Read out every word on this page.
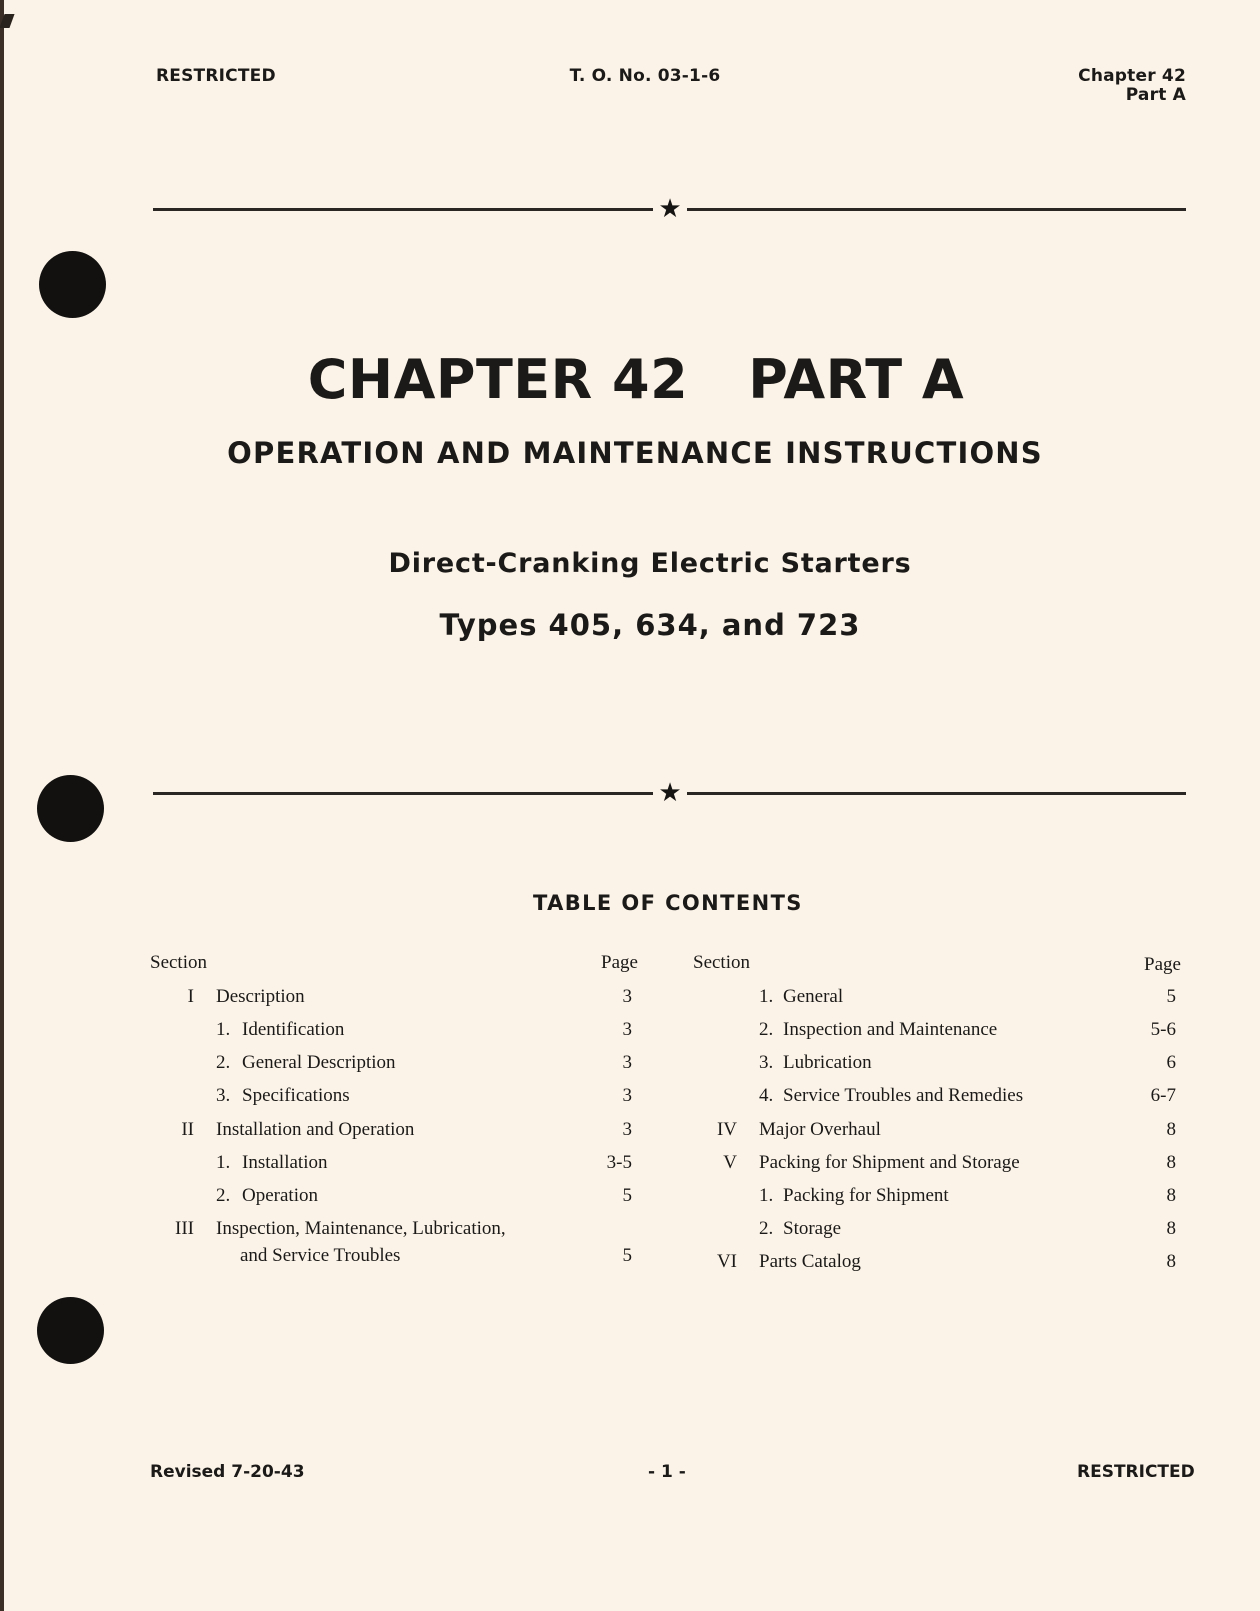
RESTRICTED	T. O. No. 03-1-6	Chapter 42
Part A
★
CHAPTER 42 PART A
OPERATION AND MAINTENANCE INSTRUCTIONS
Direct-Cranking Electric Starters
Types 405, 634, and 723
★
TABLE OF CONTENTS
Section	Page
I Description	3
1. Identification	3
2. General Description	3
3. Specifications	3
II Installation and Operation	3
1. Installation	3-5
2. Operation	5
III Inspection, Maintenance, Lubrication,
and Service Troubles	5
Section	Page
1. General	5
2. Inspection and Maintenance	5-6
3. Lubrication	6
4. Service Troubles and Remedies	6-7
IV Major Overhaul	8
V Packing for Shipment and Storage	8
1. Packing for Shipment	8
2. Storage	8
VI Parts Catalog	8
Revised 7-20-43	- 1 -	RESTRICTED
